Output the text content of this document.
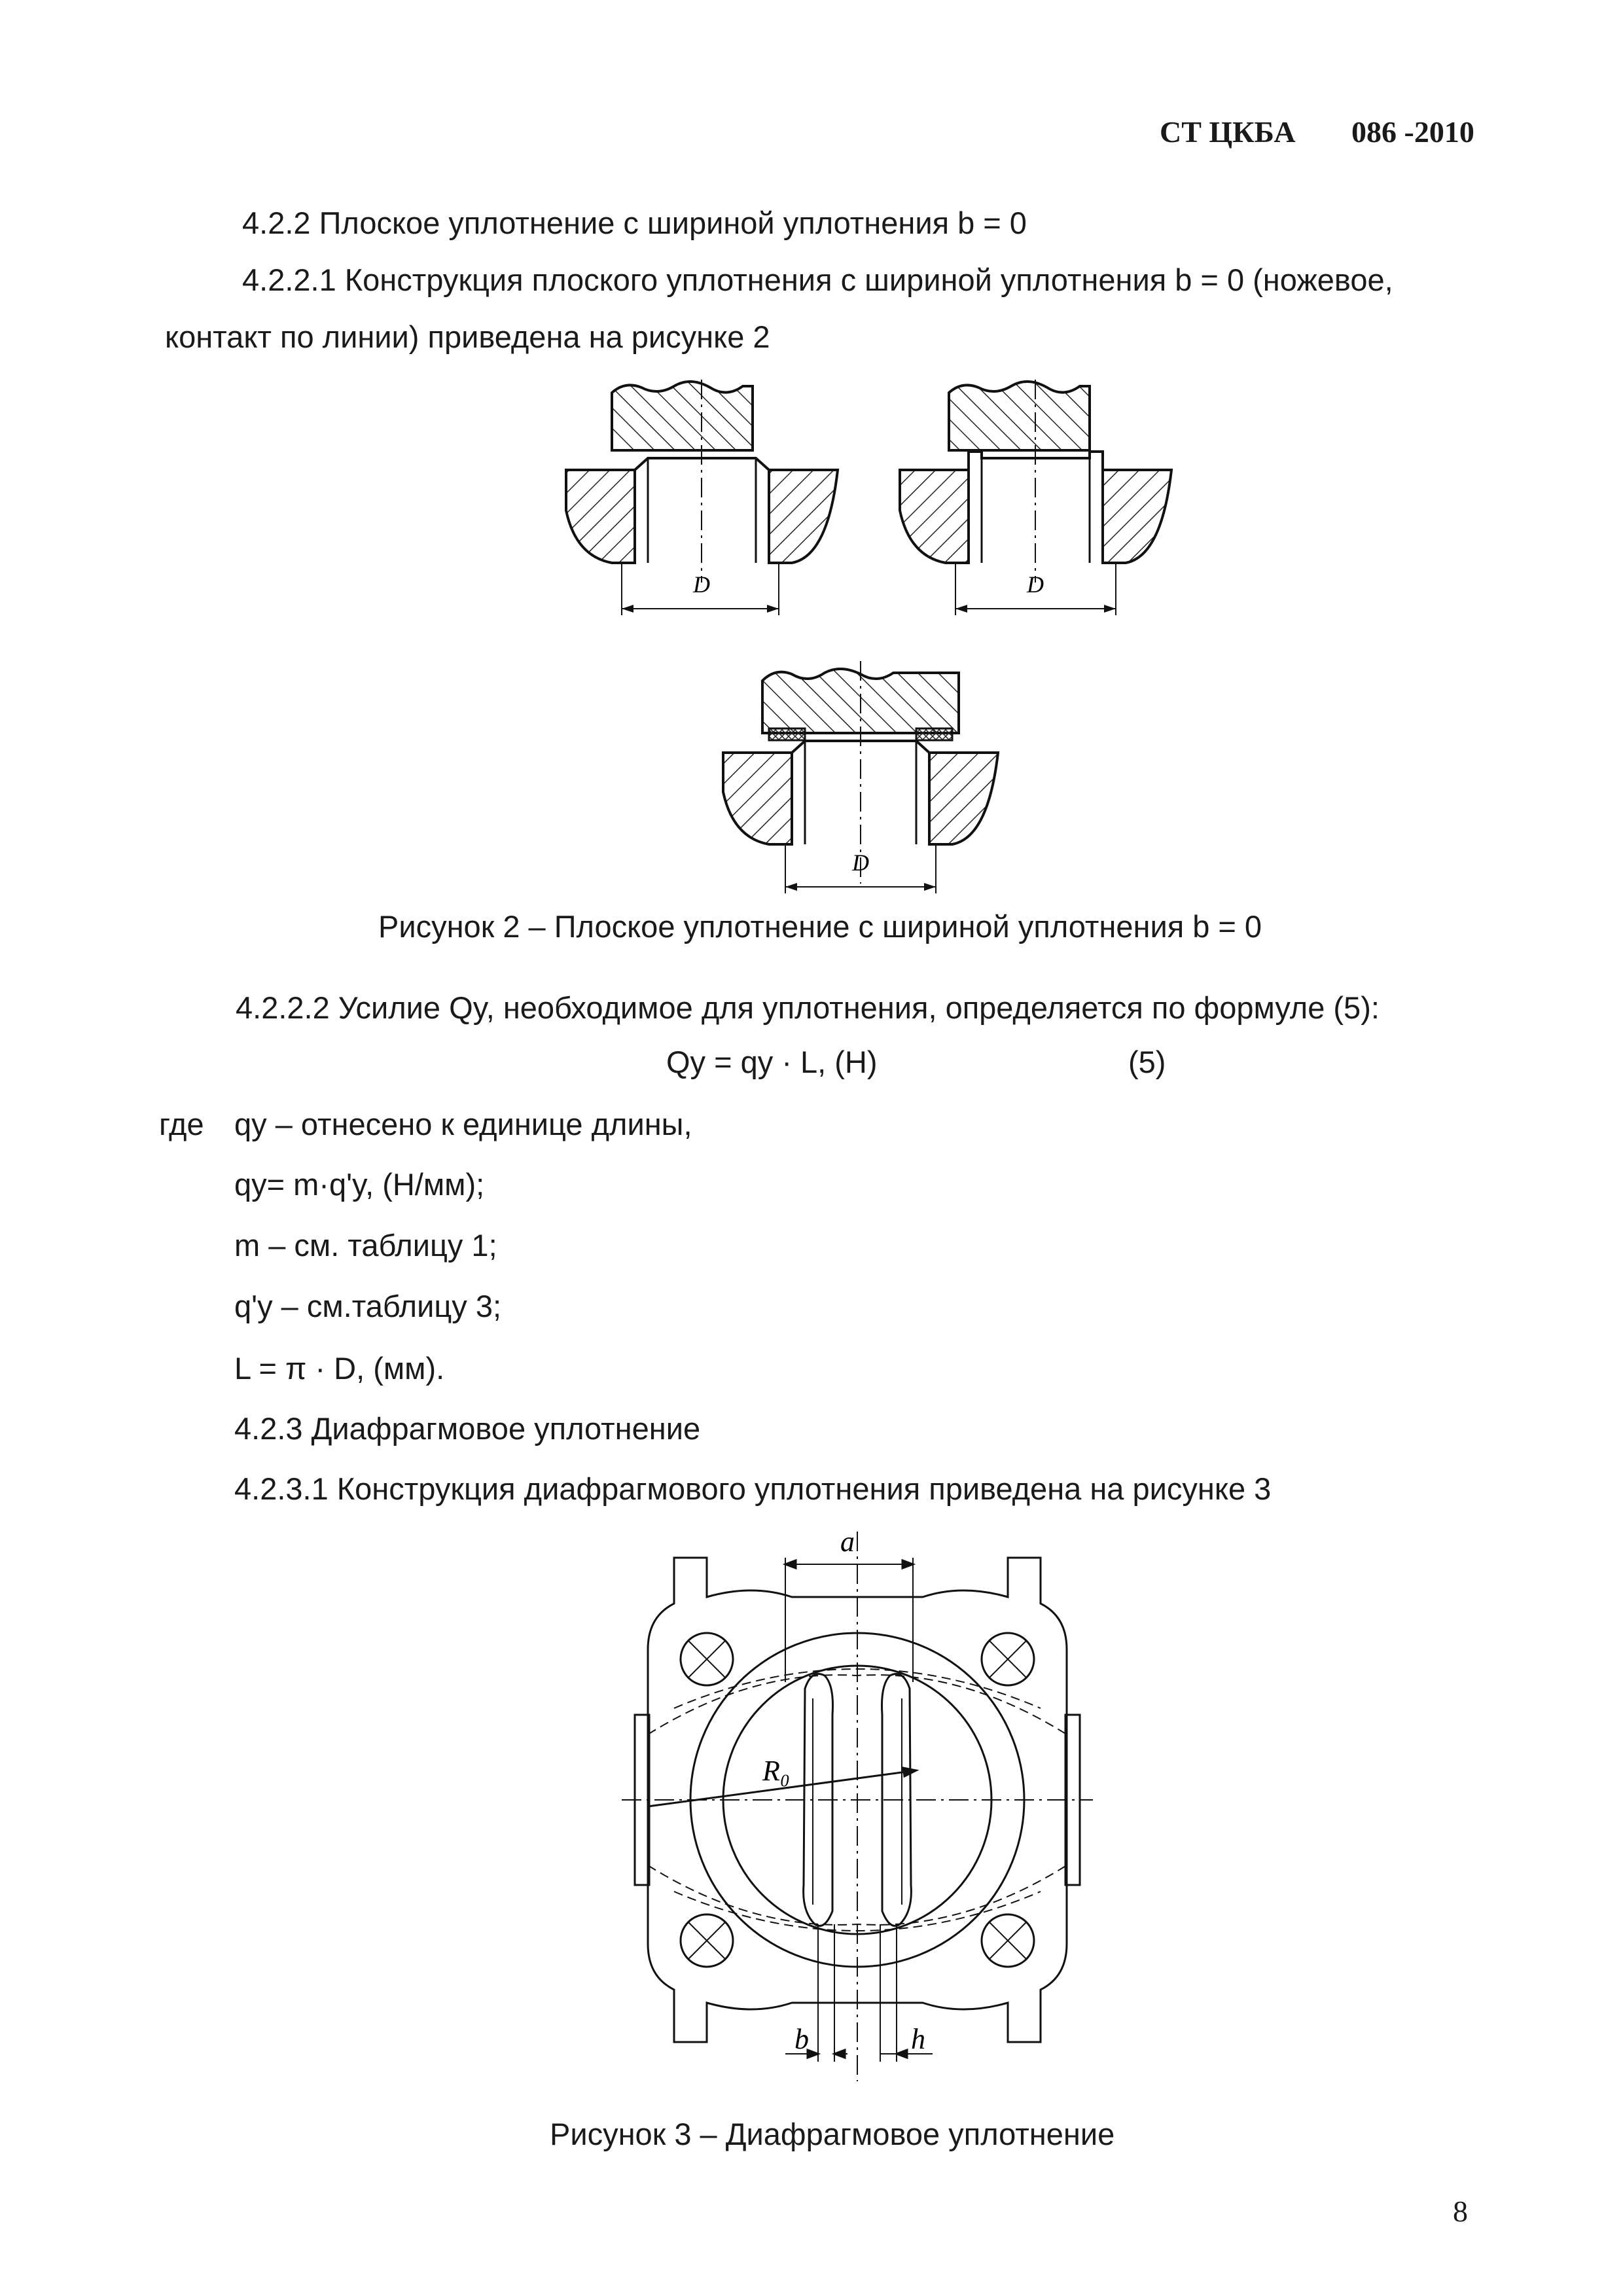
СТ ЦКБА 086 -2010
4.2.2 Плоское уплотнение с шириной уплотнения b = 0
4.2.2.1 Конструкция плоского уплотнения с шириной уплотнения b = 0 (ножевое,
контакт по линии) приведена на рисунке 2
D	D
D
Рисунок 2 – Плоское уплотнение с шириной уплотнения b = 0
4.2.2.2 Усилие Qy, необходимое для уплотнения, определяется по формуле (5):
Qy = qy · L, (H)	(5)
где qy – отнесено к единице длины,
qy= m·q'y, (H/мм);
m – см. таблицу 1;
q'y – см.таблицу 3;
L = π · D, (мм).
4.2.3 Диафрагмовое уплотнение
4.2.3.1 Конструкция диафрагмового уплотнения приведена на рисунке 3
a
R₀
b	h
Рисунок 3 – Диафрагмовое уплотнение
8
